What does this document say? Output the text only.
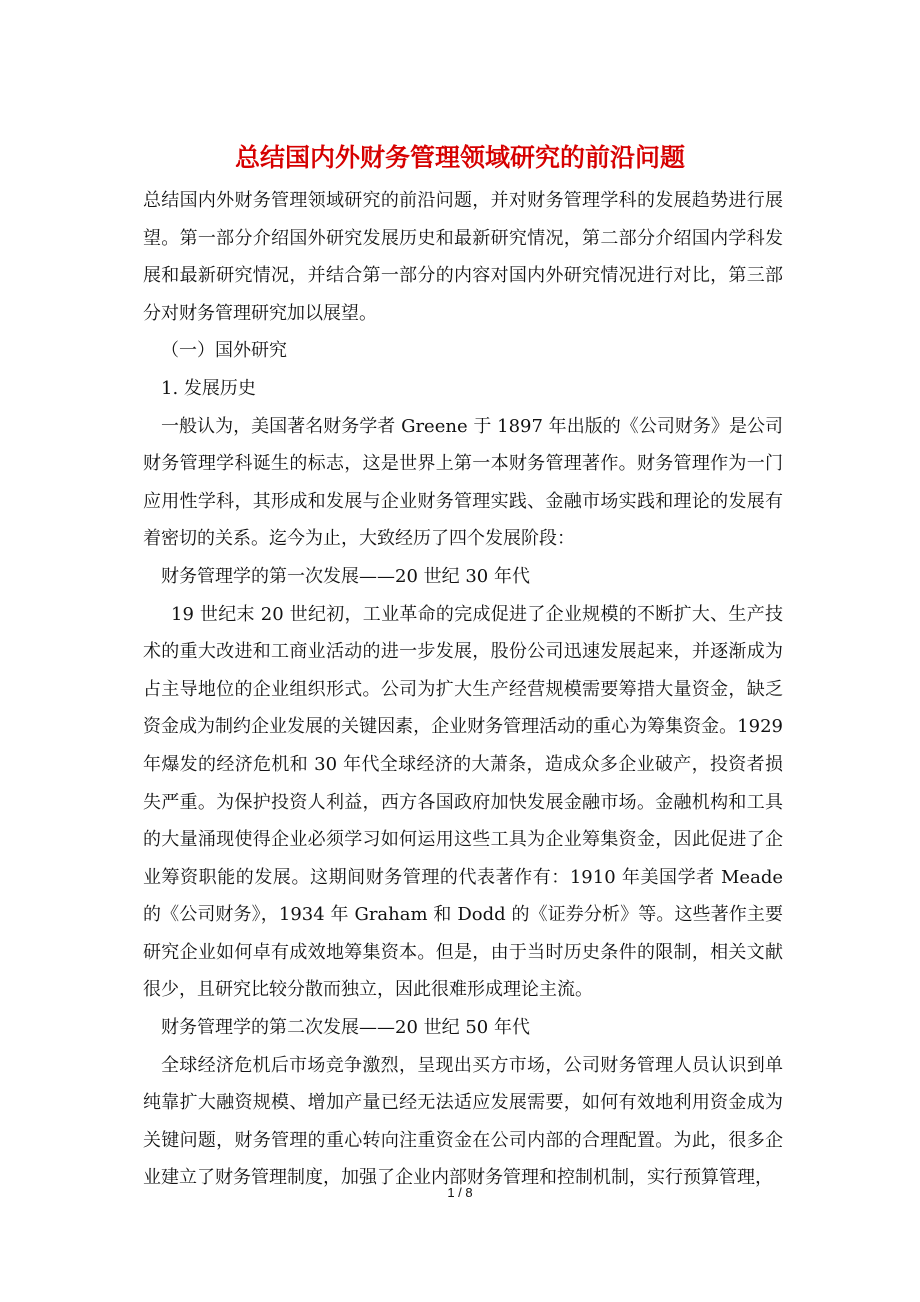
总结国内外财务管理领域研究的前沿问题

总结国内外财务管理领域研究的前沿问题，并对财务管理学科的发展趋势进行展望。第一部分介绍国外研究发展历史和最新研究情况，第二部分介绍国内学科发展和最新研究情况，并结合第一部分的内容对国内外研究情况进行对比，第三部分对财务管理研究加以展望。

（一）国外研究

1. 发展历史

一般认为，美国著名财务学者 Greene 于 1897 年出版的《公司财务》是公司财务管理学科诞生的标志，这是世界上第一本财务管理著作。财务管理作为一门应用性学科，其形成和发展与企业财务管理实践、金融市场实践和理论的发展有着密切的关系。迄今为止，大致经历了四个发展阶段：

财务管理学的第一次发展——20 世纪 30 年代

19 世纪末 20 世纪初，工业革命的完成促进了企业规模的不断扩大、生产技术的重大改进和工商业活动的进一步发展，股份公司迅速发展起来，并逐渐成为占主导地位的企业组织形式。公司为扩大生产经营规模需要筹措大量资金，缺乏资金成为制约企业发展的关键因素，企业财务管理活动的重心为筹集资金。1929 年爆发的经济危机和 30 年代全球经济的大萧条，造成众多企业破产，投资者损失严重。为保护投资人利益，西方各国政府加快发展金融市场。金融机构和工具的大量涌现使得企业必须学习如何运用这些工具为企业筹集资金，因此促进了企业筹资职能的发展。这期间财务管理的代表著作有：1910 年美国学者 Meade 的《公司财务》，1934 年 Graham 和 Dodd 的《证券分析》等。这些著作主要研究企业如何卓有成效地筹集资本。但是，由于当时历史条件的限制，相关文献很少，且研究比较分散而独立，因此很难形成理论主流。

财务管理学的第二次发展——20 世纪 50 年代

全球经济危机后市场竞争激烈，呈现出买方市场，公司财务管理人员认识到单纯靠扩大融资规模、增加产量已经无法适应发展需要，如何有效地利用资金成为关键问题，财务管理的重心转向注重资金在公司内部的合理配置。为此，很多企业建立了财务管理制度，加强了企业内部财务管理和控制机制，实行预算管理，

1 / 8
